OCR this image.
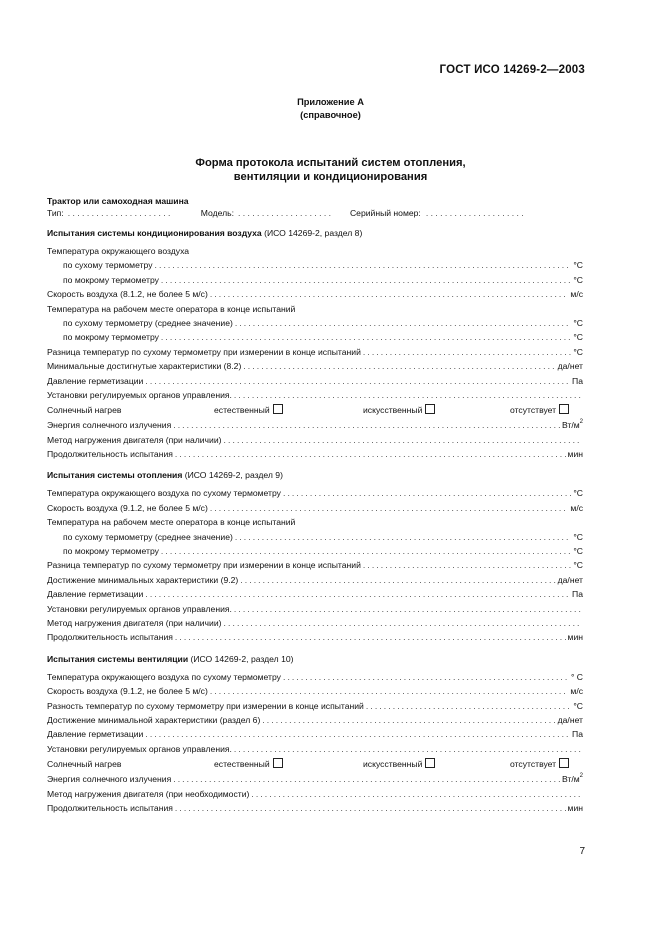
ГОСТ ИСО 14269-2—2003
Приложение А
(справочное)
Форма протокола испытаний систем отопления,
вентиляции и кондиционирования
Трактор или самоходная машина
Тип: . . . . . . . . . . . . . . . . . . . . . .	Модель: . . . . . . . . . . . . . . . . . . . .	Серийный номер: . . . . . . . . . . . . . . . . . . . . .
Испытания системы кондиционирования воздуха (ИСО 14269-2, раздел 8)
Температура окружающего воздуха
по сухому термометру . . .	°С
по мокрому термометру . . .	°С
Скорость воздуха (8.1.2, не более 5 м/с) . . .	м/с
Температура на рабочем месте оператора в конце испытаний
по сухому термометру (среднее значение) . . .	°С
по мокрому термометру . . .	°С
Разница температур по сухому термометру при измерении в конце испытаний . . .	°С
Минимальные достигнутые характеристики (8.2) . . .	да/нет
Давление герметизации . . .	Па
Установки регулируемых органов управления.
. . .
Солнечный нагрев	естественный	искусственный	отсутствует
Энергия солнечного излучения . . .	$Вт/м^2$
Метод нагружения двигателя (при наличии)
. . .
Продолжительность испытания . . .	мин
Испытания системы отопления (ИСО 14269-2, раздел 9)
Температура окружающего воздуха по сухому термометру . . .	°С
Скорость воздуха (9.1.2, не более 5 м/с) . . .	м/с
Температура на рабочем месте оператора в конце испытаний
по сухому термометру (среднее значение) . . .	°С
по мокрому термометру . . .	°С
Разница температур по сухому термометру при измерении в конце испытаний . . .	°С
Достижение минимальных характеристики (9.2) . . .	да/нет
Давление герметизации . . .	Па
Установки регулируемых органов управления.
. . .
Метод нагружения двигателя (при наличии)
. . .
Продолжительность испытания . . .	мин
Испытания системы вентиляции (ИСО 14269-2, раздел 10)
Температура окружающего воздуха по сухому термометру . . .	° С
Скорость воздуха (9.1.2, не более 5 м/с) . . .	м/с
Разность температур по сухому термометру при измерении в конце испытаний . . .	°С
Достижение минимальной характеристики (раздел 6) . . .	да/нет
Давление герметизации . . .	Па
Установки регулируемых органов управления.
. . .
Солнечный нагрев	естественный	искусственный	отсутствует
Энергия солнечного излучения . . .	$Вт/м^2$
Метод нагружения двигателя (при необходимости)
. . .
Продолжительность испытания . . .	мин
7
